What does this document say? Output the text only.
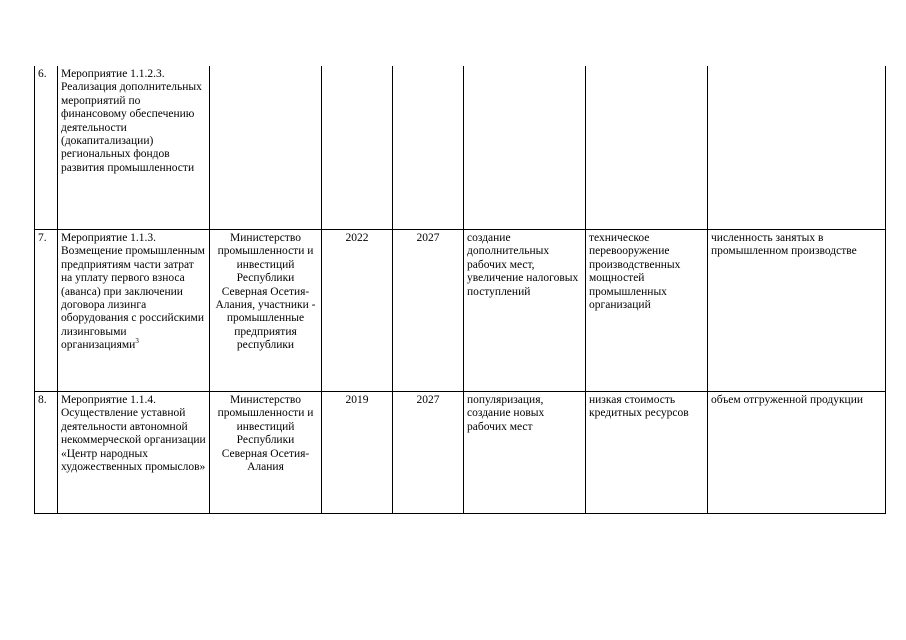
6.	Мероприятие 1.1.2.3. Реализация дополнительных мероприятий по финансовому обеспечению деятельности (докапитализации) региональных фондов развития промышленности						
7.	Мероприятие 1.1.3. Возмещение промышленным предприятиям части затрат на уплату первого взноса (аванса) при заключении договора лизинга оборудования с российскими лизинговыми организациями$^3$	Министерство промышленности и инвестиций Республики Северная Осетия-Алания, участники - промышленные предприятия республики	2022	2027	создание дополнительных рабочих мест, увеличение налоговых поступлений	техническое перевооружение производственных мощностей промышленных организаций	численность занятых в промышленном производстве
8.	Мероприятие 1.1.4. Осуществление уставной деятельности автономной некоммерческой организации «Центр народных художественных промыслов»	Министерство промышленности и инвестиций Республики Северная Осетия-Алания	2019	2027	популяризация, создание новых рабочих мест	низкая стоимость кредитных ресурсов	объем отгруженной продукции
